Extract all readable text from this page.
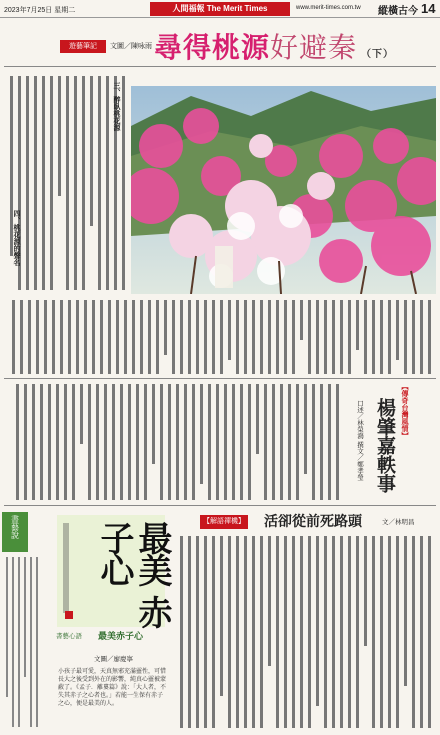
2023年7月25日 星期二	人間福報 The Merit Times	www.merit-times.com.tw 縱橫古今 14
遊藝筆記	文圖／陳咏雨 尋得桃源好避秦 （下）
三、醉臥桃花源
四、桃花源的聲名
【傳奇台灣風情】
楊肇嘉軼事
口述／林榮鴻 撰文／鄭孝瑩
【解語禪機】 活卻從前死路頭	文／林明昌
書藝說	最美 赤子心
書藝心語 最美赤子心
文圖／廖慶寧
小孩子最可愛，天真無邪充滿靈性，可惜長大之後受到外在的影響，純真心靈被蒙蔽了。《孟子．離婁篇》說：「大人者，不失其赤子之心者也。」若能一生保有赤子之心，便是最美的人。
